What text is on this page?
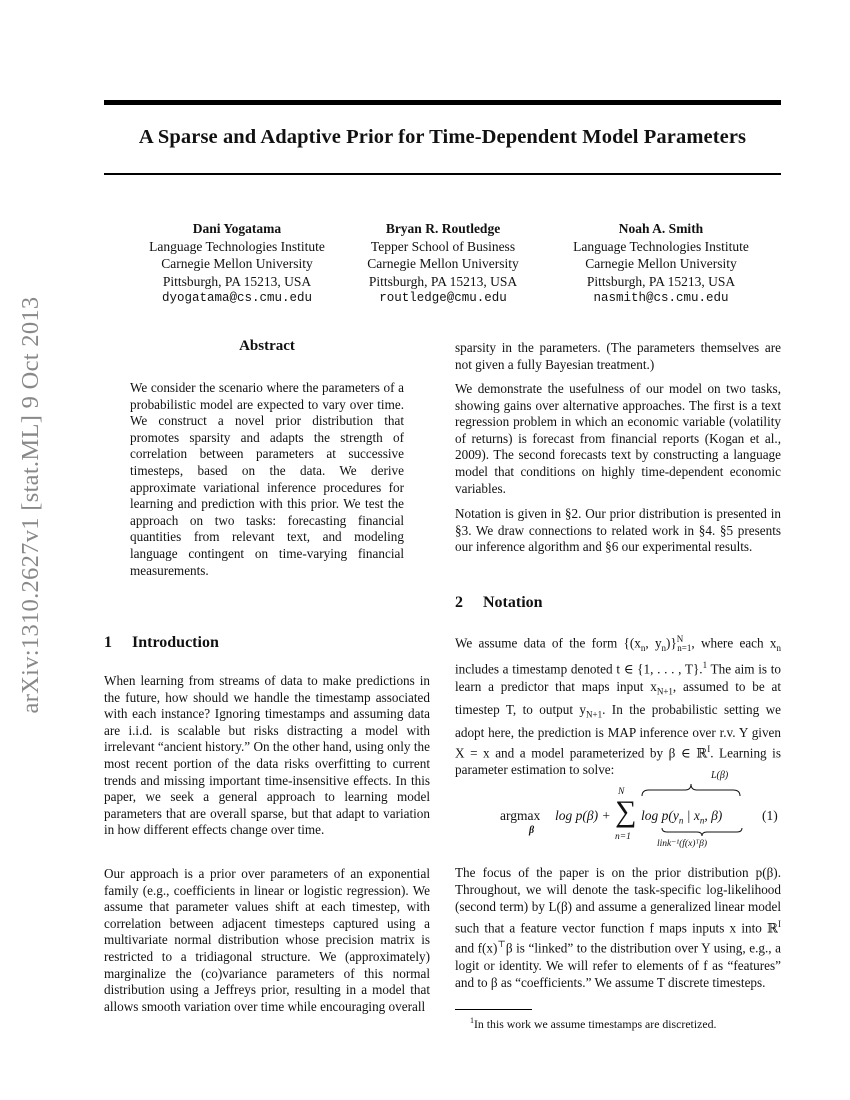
arXiv:1310.2627v1 [stat.ML] 9 Oct 2013
A Sparse and Adaptive Prior for Time-Dependent Model Parameters
Dani Yogatama
Language Technologies Institute
Carnegie Mellon University
Pittsburgh, PA 15213, USA
dyogatama@cs.cmu.edu
Bryan R. Routledge
Tepper School of Business
Carnegie Mellon University
Pittsburgh, PA 15213, USA
routledge@cmu.edu
Noah A. Smith
Language Technologies Institute
Carnegie Mellon University
Pittsburgh, PA 15213, USA
nasmith@cs.cmu.edu
Abstract

We consider the scenario where the parameters of a probabilistic model are expected to vary over time. We construct a novel prior distribution that promotes sparsity and adapts the strength of correlation between parameters at successive timesteps, based on the data. We derive approximate variational inference procedures for learning and prediction with this prior. We test the approach on two tasks: forecasting financial quantities from relevant text, and modeling language contingent on time-varying financial measurements.

1 Introduction

When learning from streams of data to make predictions in the future, how should we handle the timestamp associated with each instance? Ignoring timestamps and assuming data are i.i.d. is scalable but risks distracting a model with irrelevant “ancient history.” On the other hand, using only the most recent portion of the data risks overfitting to current trends and missing important time-insensitive effects. In this paper, we seek a general approach to learning model parameters that are overall sparse, but that adapt to variation in how different effects change over time.

Our approach is a prior over parameters of an exponential family (e.g., coefficients in linear or logistic regression). We assume that parameter values shift at each timestep, with correlation between adjacent timesteps captured using a multivariate normal distribution whose precision matrix is restricted to a tridiagonal structure. We (approximately) marginalize the (co)variance parameters of this normal distribution using a Jeffreys prior, resulting in a model that allows smooth variation over time while encouraging overall

sparsity in the parameters. (The parameters themselves are not given a fully Bayesian treatment.)

We demonstrate the usefulness of our model on two tasks, showing gains over alternative approaches. The first is a text regression problem in which an economic variable (volatility of returns) is forecast from financial reports (Kogan et al., 2009). The second forecasts text by constructing a language model that conditions on highly time-dependent economic variables.

Notation is given in §2. Our prior distribution is presented in §3. We draw connections to related work in §4. §5 presents our inference algorithm and §6 our experimental results.

2 Notation

We assume data of the form {($x_n$, $y_n)\}^N_{n=1}$, where each $x_n$ includes a timestamp denoted t ∈ {1, . . . , T}.$^1$ The aim is to learn a predictor that maps input $x_{N+1}$, assumed to be at timestep T, to output $y_{N+1}$. In the probabilistic setting we adopt here, the prediction is MAP inference over r.v. Y given X = x and a model parameterized by β ∈ ℝ$^I$. Learning is parameter estimation to solve:

argmax
β
log p(β) +
N
∑
n=1
L(β)
$\log p(y_n$ | $x_n$, β)
link⁻¹(f(x)ᵀβ)
(1)

The focus of the paper is on the prior distribution p(β). Throughout, we will denote the task-specific log-likelihood (second term) by L(β) and assume a generalized linear model such that a feature vector function f maps inputs x into ℝ$^I$ and f(x)⊤β is “linked” to the distribution over Y using, e.g., a logit or identity. We will refer to elements of f as “features” and to β as “coefficients.” We assume T discrete timesteps.

$^1$In this work we assume timestamps are discretized.
